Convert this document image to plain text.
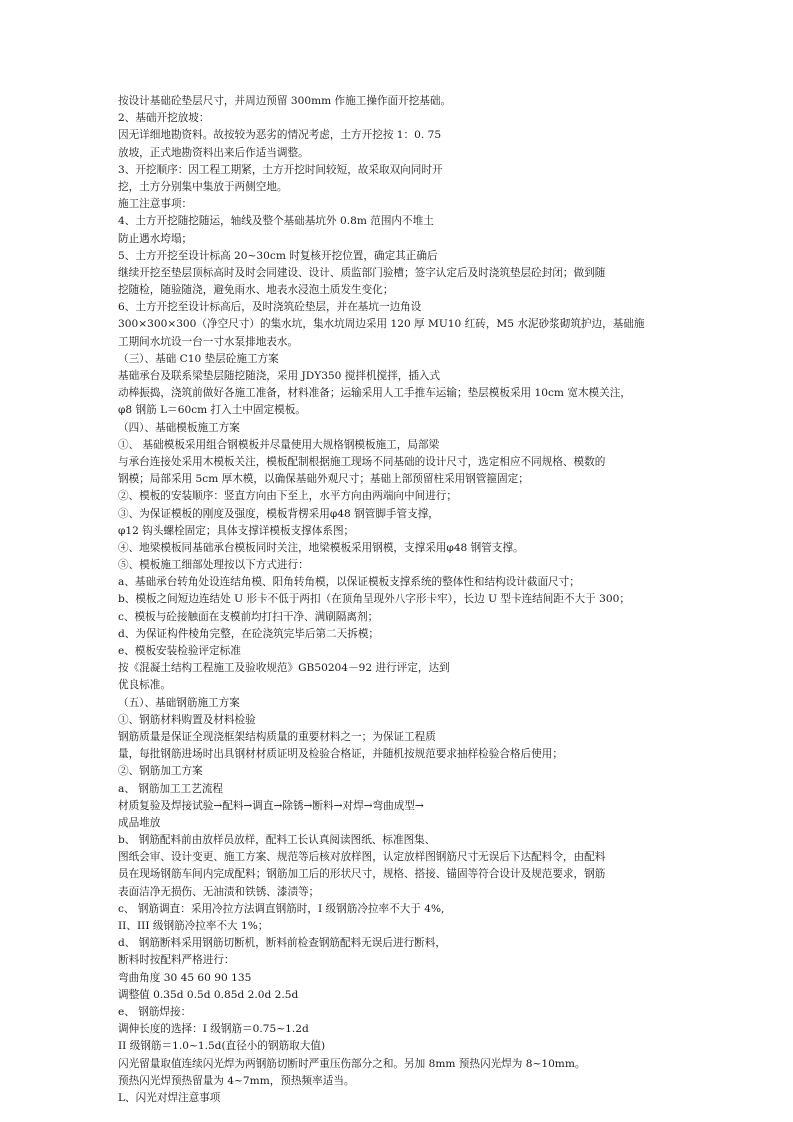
按设计基础砼垫层尺寸，并周边预留 300mm 作施工操作面开挖基础。
2、基础开挖放坡：
因无详细地勘资料。故按较为恶劣的情况考虑，土方开挖按 1：0. 75
放坡，正式地勘资料出来后作适当调整。
3、开挖顺序：因工程工期紧，土方开挖时间较短，故采取双向同时开
挖，土方分别集中集放于两侧空地。
施工注意事项：
4、土方开挖随挖随运，轴线及整个基础基坑外 0.8m 范围内不堆土
防止遇水垮塌；
5、土方开挖至设计标高 20~30cm 时复核开挖位置，确定其正确后
继续开挖至垫层顶标高时及时会同建设、设计、质监部门验槽；签字认定后及时浇筑垫层砼封闭；做到随
挖随检，随验随浇，避免雨水、地表水浸泡土质发生变化；
6、土方开挖至设计标高后，及时浇筑砼垫层，并在基坑一边角设
300×300×300（净空尺寸）的集水坑，集水坑周边采用 120 厚 MU10 红砖，M5 水泥砂浆砌筑护边，基础施
工期间水坑设一台一寸水泵排地表水。
（三）、基础 C10 垫层砼施工方案
基础承台及联系梁垫层随挖随浇，采用 JDY350 搅拌机搅拌，插入式
动棒振捣，浇筑前做好各施工准备，材料准备；运输采用人工手推车运输；垫层模板采用 10cm 宽木模关注，
φ8 钢筋 L＝60cm 打入土中固定模板。
（四）、基础模板施工方案
①、 基础模板采用组合钢模板并尽量使用大规格钢模板施工，局部梁
与承台连接处采用木模板关注，模板配制根据施工现场不同基础的设计尺寸，选定相应不同规格、模数的
钢模；局部采用 5cm 厚木模，以确保基础外观尺寸；基础上部预留柱采用钢管箍固定；
②、模板的安装顺序：竖直方向由下至上，水平方向由两端向中间进行；
③、为保证模板的刚度及强度，模板背楞采用φ48 钢管脚手管支撑，
φ12 钩头螺栓固定；具体支撑详模板支撑体系图；
④、地梁模板同基础承台模板同时关注，地梁模板采用钢模，支撑采用φ48 钢管支撑。
⑤、模板施工细部处理按以下方式进行：
a、基础承台转角处设连结角模、阳角转角模，以保证模板支撑系统的整体性和结构设计截面尺寸；
b、模板之间短边连结处 U 形卡不低于两扣（在顶角呈现外八字形卡牢），长边 U 型卡连结间距不大于 300；
c、模板与砼接触面在支模前均打扫干净、满刷隔离剂；
d、为保证构件棱角完整，在砼浇筑完毕后第二天拆模；
e、模板安装检验评定标准
按《混凝土结构工程施工及验收规范》GB50204－92 进行评定，达到
优良标准。
（五）、基础钢筋施工方案
①、钢筋材料购置及材料检验
钢筋质量是保证全现浇框架结构质量的重要材料之一；为保证工程质
量，每批钢筋进场时出具钢材材质证明及检验合格证，并随机按规范要求抽样检验合格后使用；
②、钢筋加工方案
a、 钢筋加工工艺流程
材质复验及焊接试验→配料→调直→除锈→断料→对焊→弯曲成型→
成品堆放
b、 钢筋配料前由放样员放样，配料工长认真阅读图纸、标准图集、
图纸会审、设计变更、施工方案、规范等后核对放样图，认定放样图钢筋尺寸无误后下达配料令，由配料
员在现场钢筋车间内完成配料；钢筋加工后的形状尺寸，规格、搭接、锚固等符合设计及规范要求，钢筋
表面洁净无损伤、无油渍和铁锈、漆渍等；
c、 钢筋调直：采用冷拉方法调直钢筋时，I 级钢筋冷拉率不大于 4%,
II、III 级钢筋冷拉率不大 1%；
d、 钢筋断料采用钢筋切断机，断料前检查钢筋配料无误后进行断料，
断料时按配料严格进行：
弯曲角度 30 45 60 90 135
调整值 0.35d 0.5d 0.85d 2.0d 2.5d
e、 钢筋焊接：
调伸长度的选择：I 级钢筋＝0.75~1.2d
II 级钢筋＝1.0~1.5d(直径小的钢筋取大值)
闪光留量取值连续闪光焊为两钢筋切断时严重压伤部分之和。另加 8mm 预热闪光焊为 8~10mm。
预热闪光焊预热留量为 4~7mm，预热频率适当。
L、闪光对焊注意事项
